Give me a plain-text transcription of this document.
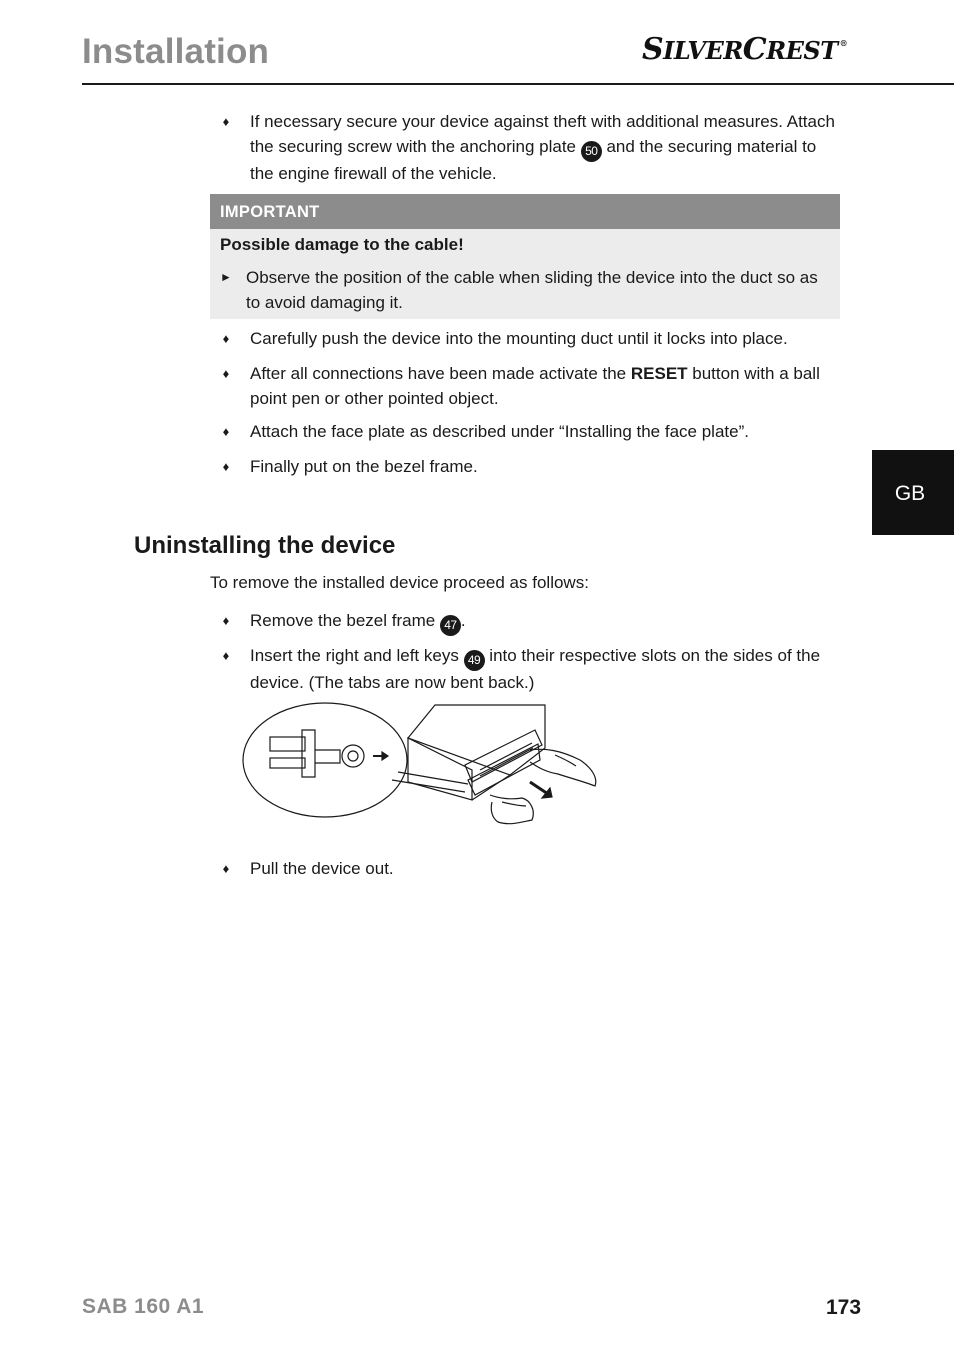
Installation	SILVERCREST ®
♦ If necessary secure your device against theft with additional measures. Attach the securing screw with the anchoring plate 50 and the securing material to the engine firewall of the vehicle.
IMPORTANT
Possible damage to the cable!
► Observe the position of the cable when sliding the device into the duct so as to avoid damaging it.
♦ Carefully push the device into the mounting duct until it locks into place.
♦ After all connections have been made activate the RESET button with a ball point pen or other pointed object.
♦ Attach the face plate as described under “Installing the face plate”.
♦ Finally put on the bezel frame.
GB
Uninstalling the device
To remove the installed device proceed as follows:
♦ Remove the bezel frame 47 .
♦ Insert the right and left keys 49 into their respective slots on the sides of the device. (The tabs are now bent back.)
♦ Pull the device out.
SAB 160 A1	173
